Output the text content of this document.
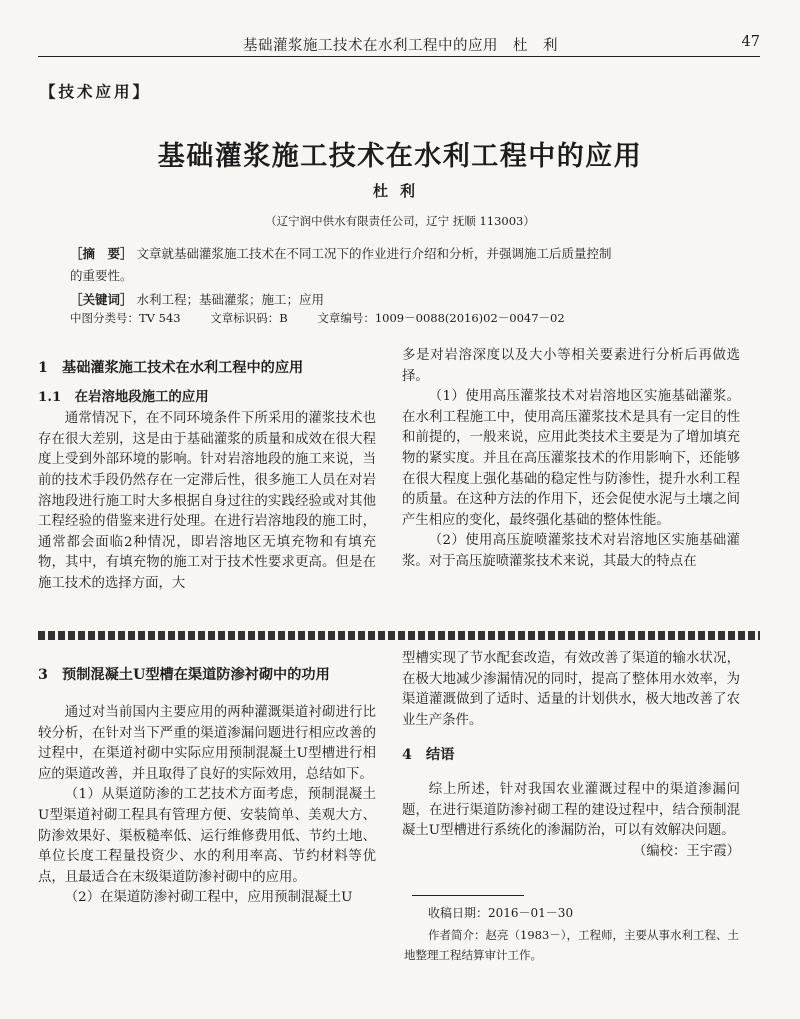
基础灌浆施工技术在水利工程中的应用　杜　利	47
【技术应用】
基础灌浆施工技术在水利工程中的应用
杜利
（辽宁润中供水有限责任公司，辽宁 抚顺 113003）
［摘　要］ 文章就基础灌浆施工技术在不同工况下的作业进行介绍和分析，并强调施工后质量控制
的重要性。
［关键词］ 水利工程；基础灌浆；施工；应用
中图分类号：TV 543	文章标识码：B	文章编号：1009－0088(2016)02－0047－02

1　基础灌浆施工技术在水利工程中的应用

1.1　在岩溶地段施工的应用

通常情况下，在不同环境条件下所采用的灌浆技术也存在很大差别，这是由于基础灌浆的质量和成效在很大程度上受到外部环境的影响。针对岩溶地段的施工来说，当前的技术手段仍然存在一定滞后性，很多施工人员在对岩溶地段进行施工时大多根据自身过往的实践经验或对其他工程经验的借鉴来进行处理。在进行岩溶地段的施工时，通常都会面临2种情况，即岩溶地区无填充物和有填充物，其中，有填充物的施工对于技术性要求更高。但是在施工技术的选择方面，大

多是对岩溶深度以及大小等相关要素进行分析后再做选择。

（1）使用高压灌浆技术对岩溶地区实施基础灌浆。在水利工程施工中，使用高压灌浆技术是具有一定目的性和前提的，一般来说，应用此类技术主要是为了增加填充物的紧实度。并且在高压灌浆技术的作用影响下，还能够在很大程度上强化基础的稳定性与防渗性，提升水利工程的质量。在这种方法的作用下，还会促使水泥与土壤之间产生相应的变化，最终强化基础的整体性能。

（2）使用高压旋喷灌浆技术对岩溶地区实施基础灌浆。对于高压旋喷灌浆技术来说，其最大的特点在

3　预制混凝土U型槽在渠道防渗衬砌中的功用

通过对当前国内主要应用的两种灌溉渠道衬砌进行比较分析，在针对当下严重的渠道渗漏问题进行相应改善的过程中，在渠道衬砌中实际应用预制混凝土U型槽进行相应的渠道改善，并且取得了良好的实际效用，总结如下。

（1）从渠道防渗的工艺技术方面考虑，预制混凝土U型渠道衬砌工程具有管理方便、安装简单、美观大方、防渗效果好、渠板糙率低、运行维修费用低、节约土地、单位长度工程量投资少、水的利用率高、节约材料等优点，且最适合在末级渠道防渗衬砌中的应用。

（2）在渠道防渗衬砌工程中，应用预制混凝土U

型槽实现了节水配套改造，有效改善了渠道的输水状况，在极大地减少渗漏情况的同时，提高了整体用水效率，为渠道灌溉做到了适时、适量的计划供水，极大地改善了农业生产条件。

4　结语

综上所述，针对我国农业灌溉过程中的渠道渗漏问题，在进行渠道防渗衬砌工程的建设过程中，结合预制混凝土U型槽进行系统化的渗漏防治，可以有效解决问题。

（编校：王宇霞）
收稿日期：2016－01－30
作者简介：赵亮（1983－），工程师，主要从事水利工程、土
地整理工程结算审计工作。
